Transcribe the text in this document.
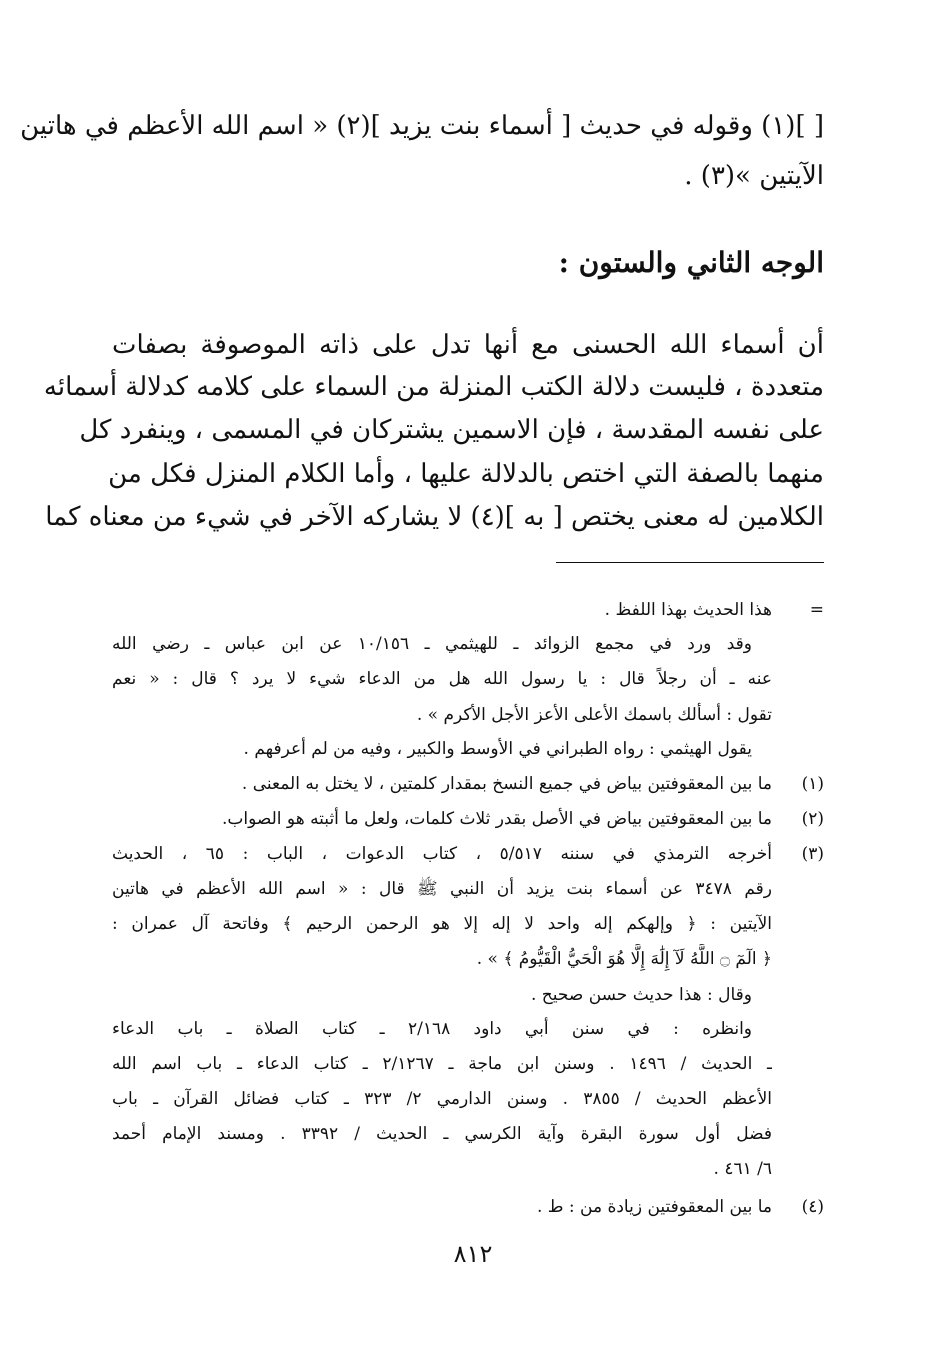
[ ](١) وقوله في حديث [ أسماء بنت يزيد ](٢) « اسم الله الأعظم في هاتين
الآيتين »(٣) .
الوجه الثاني والستون :
أن أسماء الله الحسنى مع أنها تدل على ذاته الموصوفة بصفات
متعددة ، فليست دلالة الكتب المنزلة من السماء على كلامه كدلالة أسمائه
على نفسه المقدسة ، فإن الاسمين يشتركان في المسمى ، وينفرد كل
منهما بالصفة التي اختص بالدلالة عليها ، وأما الكلام المنزل فكل من
الكلامين له معنى يختص [ به ](٤) لا يشاركه الآخر في شيء من معناه كما
=
هذا الحديث بهذا اللفظ .
وقد ورد في مجمع الزوائد ـ للهيثمي ـ ١٠/١٥٦ عن ابن عباس ـ رضي الله
عنه ـ أن رجلاً قال : يا رسول الله هل من الدعاء شيء لا يرد ؟ قال : « نعم
تقول : أسألك باسمك الأعلى الأعز الأجل الأكرم » .
يقول الهيثمي : رواه الطبراني في الأوسط والكبير ، وفيه من لم أعرفهم .
(١)
ما بين المعقوفتين بياض في جميع النسخ بمقدار كلمتين ، لا يختل به المعنى .
(٢)
ما بين المعقوفتين بياض في الأصل بقدر ثلاث كلمات، ولعل ما أثبته هو الصواب.
(٣)
أخرجه الترمذي في سننه ٥/٥١٧ ، كتاب الدعوات ، الباب : ٦٥ ، الحديث
رقم ٣٤٧٨ عن أسماء بنت يزيد أن النبي ﷺ قال : « اسم الله الأعظم في هاتين
الآيتين : ﴿ وإلهكم إله واحد لا إله إلا هو الرحمن الرحيم ﴾ وفاتحة آل عمران :
﴿ الٓمٓ ۝ اللَّهُ لَآ إِلَٰهَ إِلَّا هُوَ الْحَيُّ الْقَيُّومُ ﴾ » .
وقال : هذا حديث حسن صحيح .
وانظره : في سنن أبي داود ٢/١٦٨ ـ كتاب الصلاة ـ باب الدعاء
ـ الحديث / ١٤٩٦ . وسنن ابن ماجة ـ ٢/١٢٦٧ ـ كتاب الدعاء ـ باب اسم الله
الأعظم الحديث / ٣٨٥٥ . وسنن الدارمي ٢/ ٣٢٣ ـ كتاب فضائل القرآن ـ باب
فضل أول سورة البقرة وآية الكرسي ـ الحديث / ٣٣٩٢ . ومسند الإمام أحمد
٦/ ٤٦١ .
(٤)
ما بين المعقوفتين زيادة من : ط .
٨١٢
